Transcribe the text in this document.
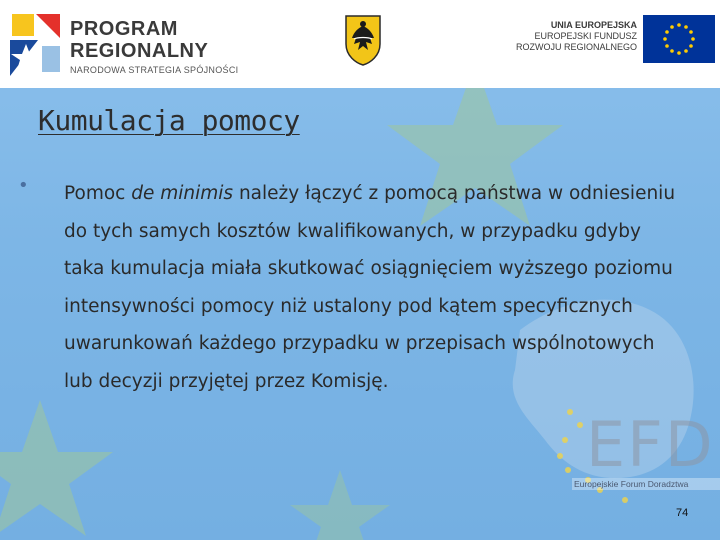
PROGRAM
REGIONALNY
NARODOWA STRATEGIA SPÓJNOŚCI
UNIA EUROPEJSKA
EUROPEJSKI FUNDUSZ
ROZWOJU REGIONALNEGO
Kumulacja pomocy
• Pomoc de minimis należy łączyć z pomocą państwa w odniesieniu do tych samych kosztów kwalifikowanych, w przypadku gdyby taka kumulacja miała skutkować osiągnięciem wyższego poziomu intensywności pomocy niż ustalony pod kątem specyficznych uwarunkowań każdego przypadku w przepisach wspólnotowych lub decyzji przyjętej przez Komisję.
EFD
Europejskie Forum Doradztwa
74
